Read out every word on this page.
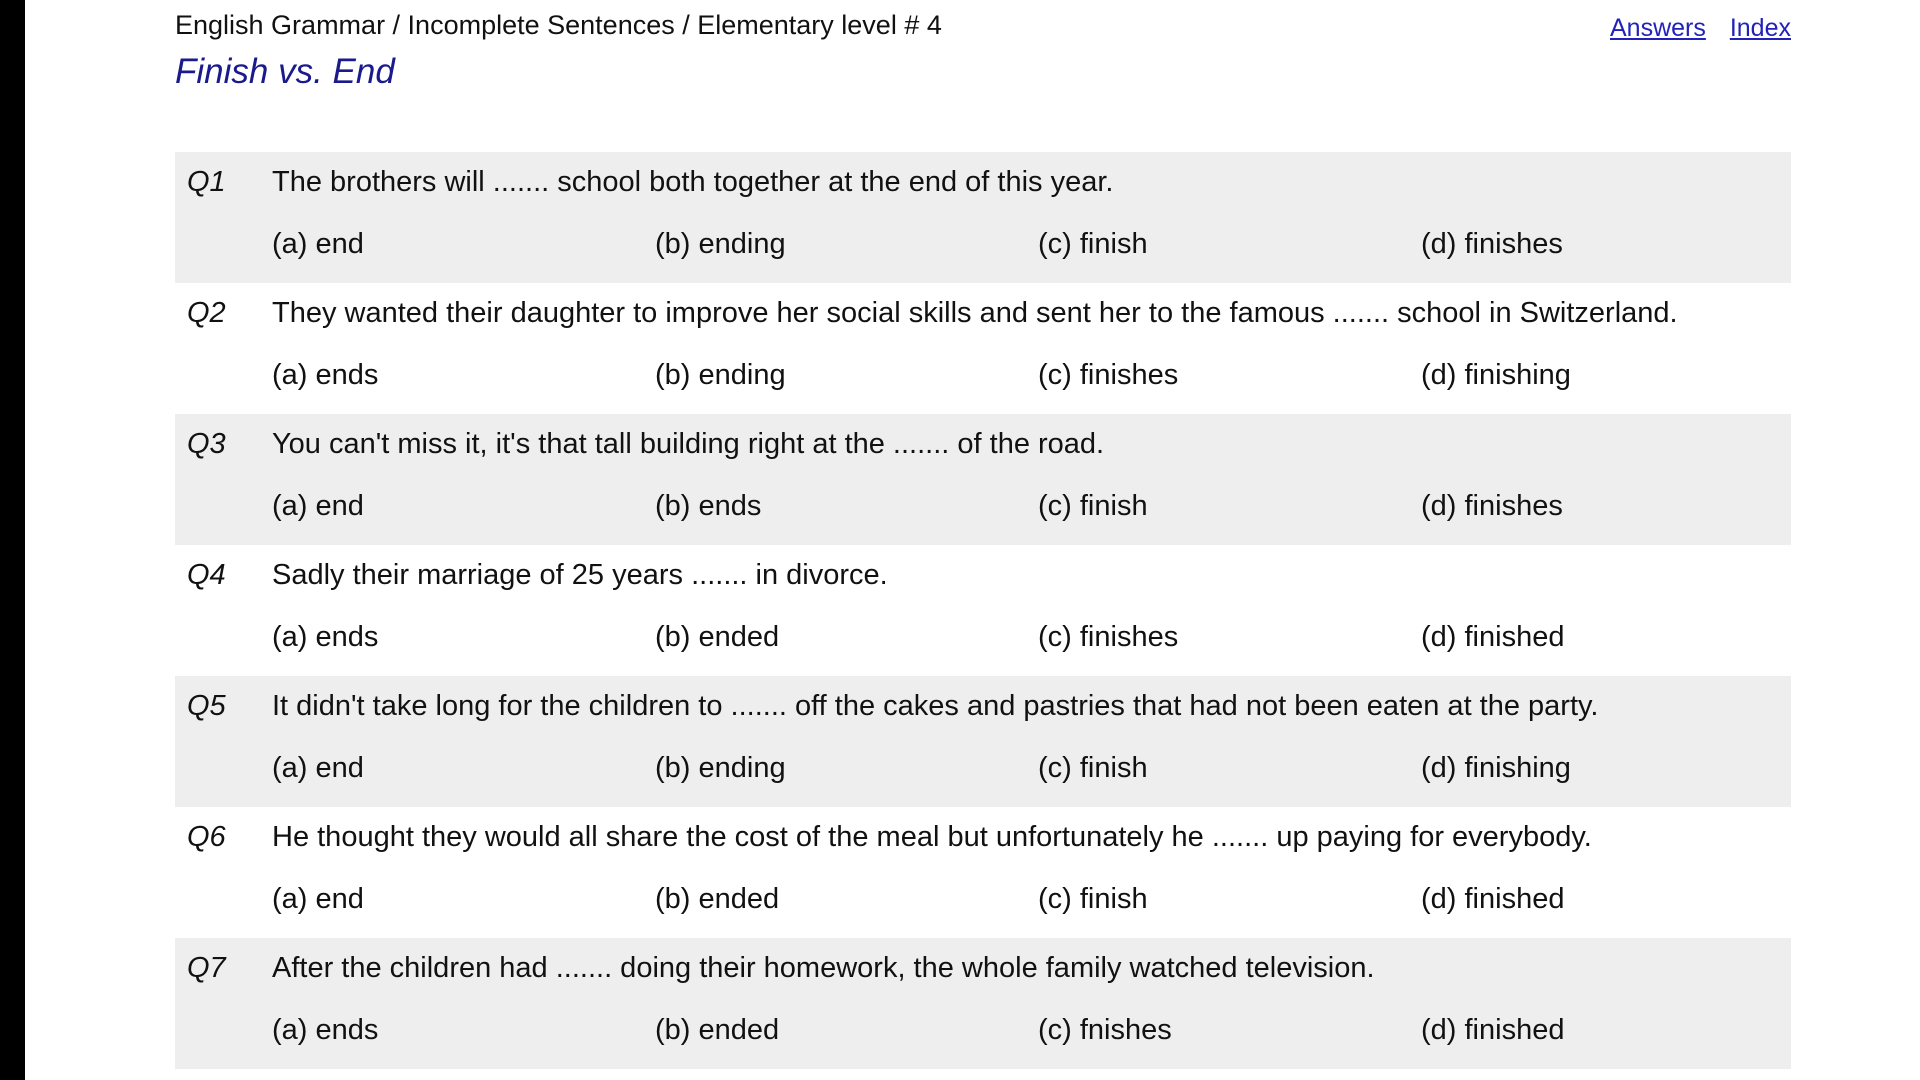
English Grammar / Incomplete Sentences / Elementary level # 4
Finish vs. End
Answers Index
Q1 The brothers will ....... school both together at the end of this year.
(a) end	(b) ending	(c) finish	(d) finishes
Q2 They wanted their daughter to improve her social skills and sent her to the famous ....... school in Switzerland.
(a) ends	(b) ending	(c) finishes	(d) finishing
Q3 You can't miss it, it's that tall building right at the ....... of the road.
(a) end	(b) ends	(c) finish	(d) finishes
Q4 Sadly their marriage of 25 years ....... in divorce.
(a) ends	(b) ended	(c) finishes	(d) finished
Q5 It didn't take long for the children to ....... off the cakes and pastries that had not been eaten at the party.
(a) end	(b) ending	(c) finish	(d) finishing
Q6 He thought they would all share the cost of the meal but unfortunately he ....... up paying for everybody.
(a) end	(b) ended	(c) finish	(d) finished
Q7 After the children had ....... doing their homework, the whole family watched television.
(a) ends	(b) ended	(c) fnishes	(d) finished
